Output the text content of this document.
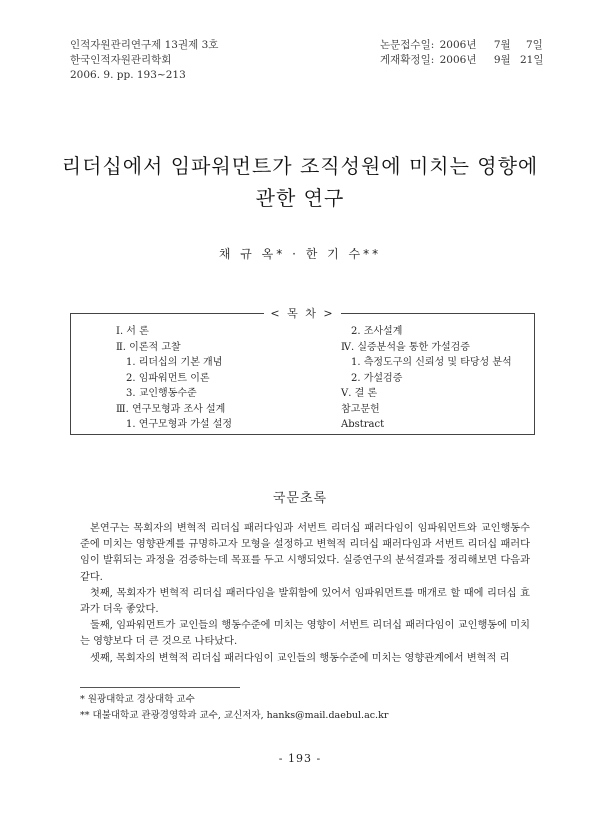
인적자원관리연구제 13권제 3호
한국인적자원관리학회
2006. 9. pp. 193∼213
논문접수일: 2006년 7월 7일
게재확정일: 2006년 9월 21일
리더십에서 임파워먼트가 조직성원에 미치는 영향에
관한 연구
채 규 옥* · 한 기 수**
< 목 차 >
Ⅰ. 서 론
Ⅱ. 이론적 고찰
1. 리더십의 기본 개념
2. 임파워먼트 이론
3. 교인행동수준
Ⅲ. 연구모형과 조사 설계
1. 연구모형과 가설 설정
2. 조사설계
Ⅳ. 실증분석을 통한 가설검증
1. 측정도구의 신뢰성 및 타당성 분석
2. 가설검증
Ⅴ. 결 론
참고문헌
Abstract
국문초록

본연구는 목회자의 변혁적 리더십 패러다임과 서번트 리더십 패러다임이 임파워먼트와 교인행동수준에 미치는 영향관계를 규명하고자 모형을 설정하고 변혁적 리더십 패러다임과 서번트 리더십 패러다임이 발휘되는 과정을 검증하는데 목표를 두고 시행되었다. 실증연구의 분석결과를 정리해보면 다음과 같다.

첫째, 목회자가 변혁적 리더십 패러다임을 발휘함에 있어서 임파워먼트를 매개로 할 때에 리더십 효과가 더욱 좋았다.

둘째, 임파워먼트가 교인들의 행동수준에 미치는 영향이 서번트 리더십 패러다임이 교인행동에 미치는 영향보다 더 큰 것으로 나타났다.

셋째, 목회자의 변혁적 리더십 패러다임이 교인들의 행동수준에 미치는 영향관계에서 변혁적 리

* 원광대학교 경상대학 교수
** 대불대학교 관광경영학과 교수, 교신저자, hanks@mail.daebul.ac.kr
- 193 -
